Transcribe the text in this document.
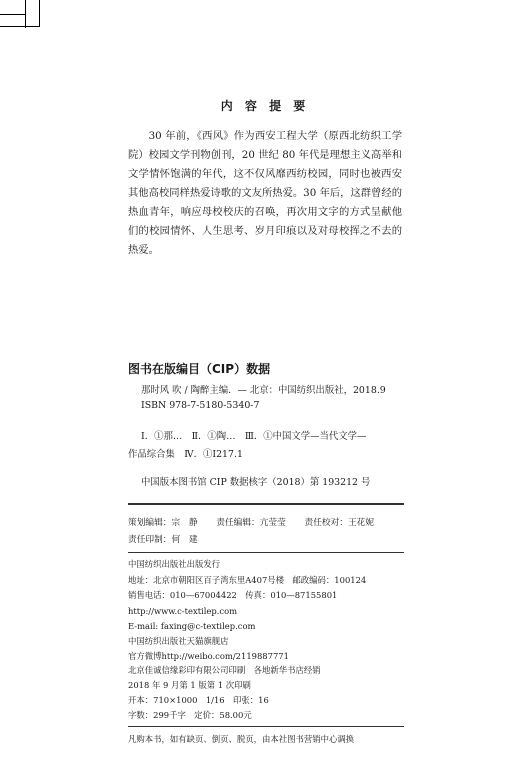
内 容 提 要

30 年前，《西风》作为西安工程大学（原西北纺织工学院）校园文学刊物创刊，20 世纪 80 年代是理想主义高举和文学情怀饱满的年代，这不仅风靡西纺校园，同时也被西安其他高校同样热爱诗歌的文友所热爱。30 年后，这群曾经的热血青年，响应母校校庆的召唤，再次用文字的方式呈献他们的校园情怀、人生思考、岁月印痕以及对母校挥之不去的热爱。

图书在版编目（CIP）数据
那时风 吹 / 陶醉主编．— 北京：中国纺织出版社，2018.9
ISBN 978-7-5180-5340-7
Ⅰ．①那…　Ⅱ．①陶…　Ⅲ．①中国文学—当代文学—
作品综合集　Ⅳ．①I217.1
中国版本图书馆 CIP 数据核字（2018）第 193212 号
策划编辑：宗　静 责任编辑：亢莹莹 责任校对：王花妮
责任印制：何　建
中国纺织出版社出版发行
地址：北京市朝阳区百子湾东里A407号楼　邮政编码：100124
销售电话：010—67004422　传真：010—87155801
http://www.c-textilep.com
E-mail: faxing@c-textilep.com
中国纺织出版社天猫旗舰店
官方微博http://weibo.com/2119887771
北京佳诚信缘彩印有限公司印刷　各地新华书店经销
2018 年 9 月第 1 版第 1 次印刷
开本：710×1000　1/16　印张：16
字数：299千字　定价：58.00元
凡购本书，如有缺页、倒页、脱页，由本社图书营销中心调换
